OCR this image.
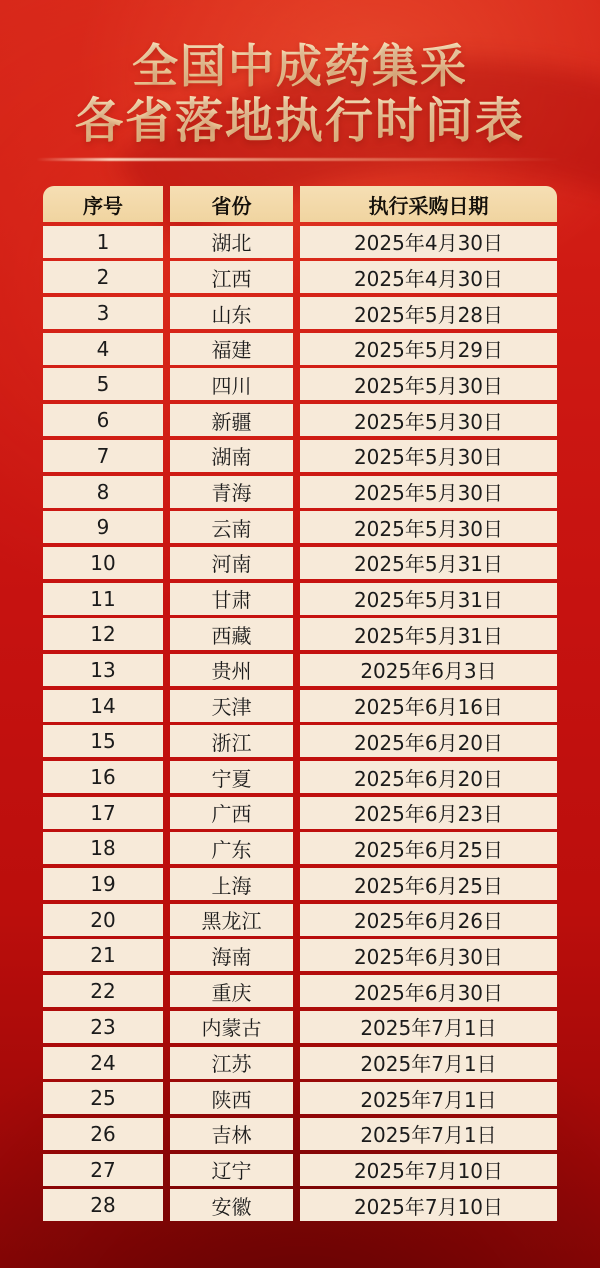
全国中成药集采
各省落地执行时间表
序号	省份	执行采购日期
1	湖北	2025年4月30日
2	江西	2025年4月30日
3	山东	2025年5月28日
4	福建	2025年5月29日
5	四川	2025年5月30日
6	新疆	2025年5月30日
7	湖南	2025年5月30日
8	青海	2025年5月30日
9	云南	2025年5月30日
10	河南	2025年5月31日
11	甘肃	2025年5月31日
12	西藏	2025年5月31日
13	贵州	2025年6月3日
14	天津	2025年6月16日
15	浙江	2025年6月20日
16	宁夏	2025年6月20日
17	广西	2025年6月23日
18	广东	2025年6月25日
19	上海	2025年6月25日
20	黑龙江	2025年6月26日
21	海南	2025年6月30日
22	重庆	2025年6月30日
23	内蒙古	2025年7月1日
24	江苏	2025年7月1日
25	陕西	2025年7月1日
26	吉林	2025年7月1日
27	辽宁	2025年7月10日
28	安徽	2025年7月10日
